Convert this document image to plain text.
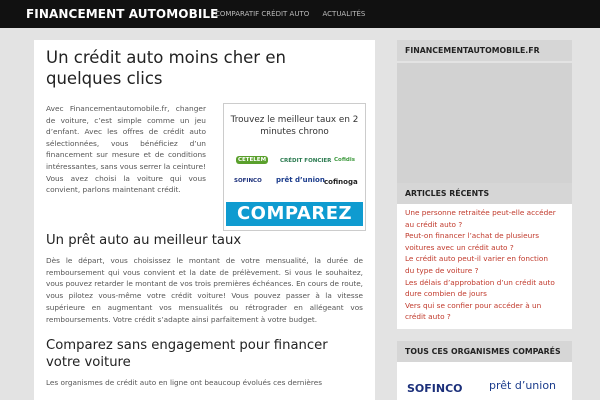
FINANCEMENT AUTOMOBILE
COMPARATIF CRÉDIT AUTO ACTUALITÉS
Un crédit auto moins cher en quelques clics
Avec Financementautomobile.fr, changer de voiture, c’est simple comme un jeu d’enfant. Avec les offres de crédit auto sélectionnées, vous bénéficiez d’un financement sur mesure et de conditions intéressantes, sans vous serrer la ceinture! Vous avez choisi la voiture qui vous convient, parlons maintenant crédit.
Trouvez le meilleur taux en 2 minutes chrono
CETELEM	CRÉDIT FONCIER Cofidis
SOFINCO prêt d’union cofinoga
COMPAREZ
Un prêt auto au meilleur taux

Dès le départ, vous choisissez le montant de votre mensualité, la durée de remboursement qui vous convient et la date de prélèvement. Si vous le souhaitez, vous pouvez retarder le montant de vos trois premières échéances. En cours de route, vous pilotez vous-même votre crédit voiture! Vous pouvez passer à la vitesse supérieure en augmentant vos mensualités ou rétrograder en allégeant vos remboursements. Votre crédit s’adapte ainsi parfaitement à votre budget.

Comparez sans engagement pour financer votre voiture

Les organismes de crédit auto en ligne ont beaucoup évolués ces dernières

FINANCEMENTAUTOMOBILE.FR
ARTICLES RÉCENTS
Une personne retraitée peut-elle accéder
au crédit auto ?
Peut-on financer l’achat de plusieurs
voitures avec un crédit auto ?
Le crédit auto peut-il varier en fonction
du type de voiture ?
Les délais d’approbation d’un crédit auto
dure combien de jours
Vers qui se confier pour accéder à un
crédit auto ?
TOUS CES ORGANISMES COMPARÉS
SOFINCO prêt d’union
